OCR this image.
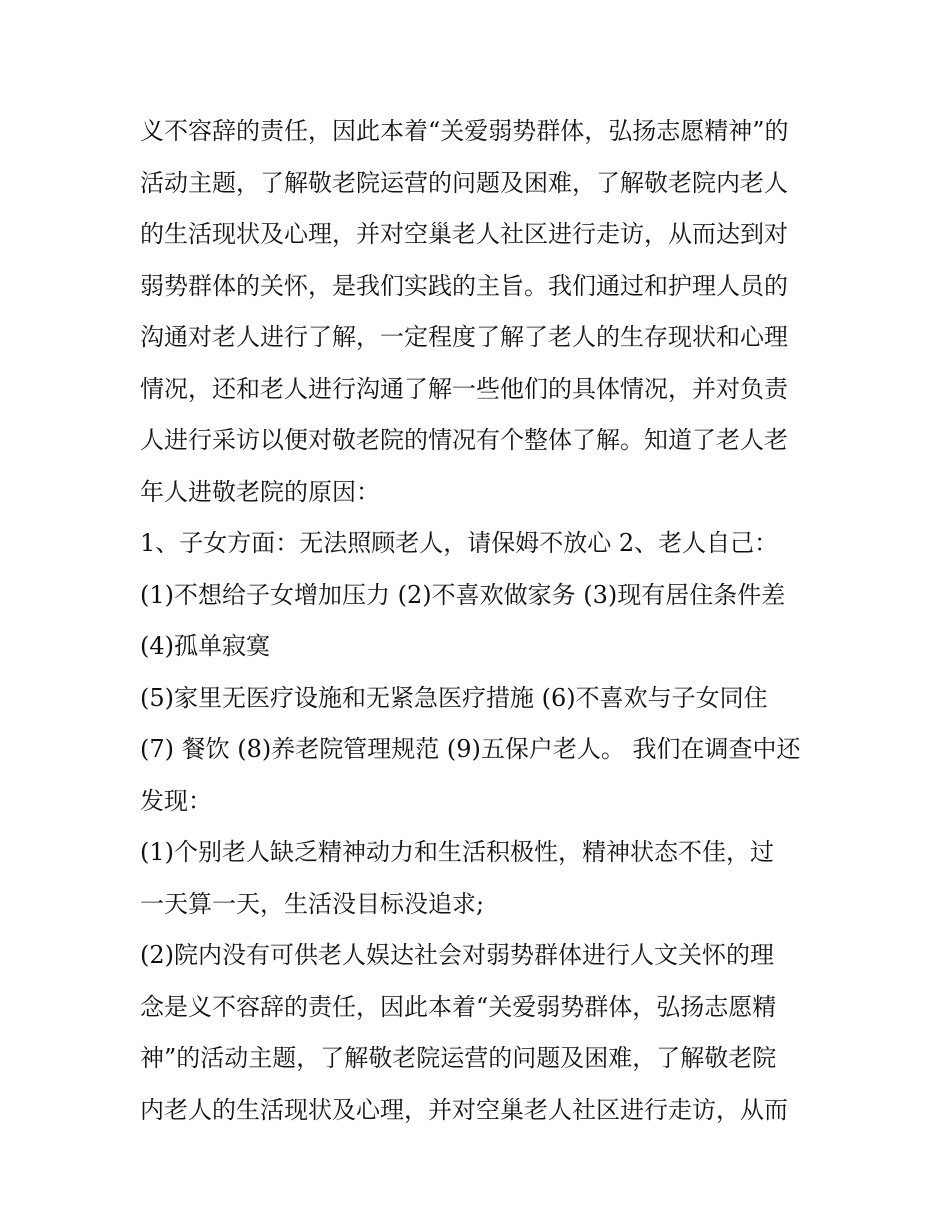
义不容辞的责任，因此本着“关爱弱势群体，弘扬志愿精神”的
活动主题，了解敬老院运营的问题及困难，了解敬老院内老人
的生活现状及心理，并对空巢老人社区进行走访，从而达到对
弱势群体的关怀，是我们实践的主旨。我们通过和护理人员的
沟通对老人进行了解，一定程度了解了老人的生存现状和心理
情况，还和老人进行沟通了解一些他们的具体情况，并对负责
人进行采访以便对敬老院的情况有个整体了解。知道了老人老
年人进敬老院的原因：
1、子女方面：无法照顾老人，请保姆不放心 2、老人自己：
(1)不想给子女增加压力 (2)不喜欢做家务 (3)现有居住条件差
(4)孤单寂寞
(5)家里无医疗设施和无紧急医疗措施 (6)不喜欢与子女同住
(7) 餐饮 (8)养老院管理规范 (9)五保户老人。 我们在调查中还
发现：
(1)个别老人缺乏精神动力和生活积极性，精神状态不佳，过
一天算一天，生活没目标没追求;
(2)院内没有可供老人娱达社会对弱势群体进行人文关怀的理
念是义不容辞的责任，因此本着“关爱弱势群体，弘扬志愿精
神”的活动主题，了解敬老院运营的问题及困难，了解敬老院
内老人的生活现状及心理，并对空巢老人社区进行走访，从而
